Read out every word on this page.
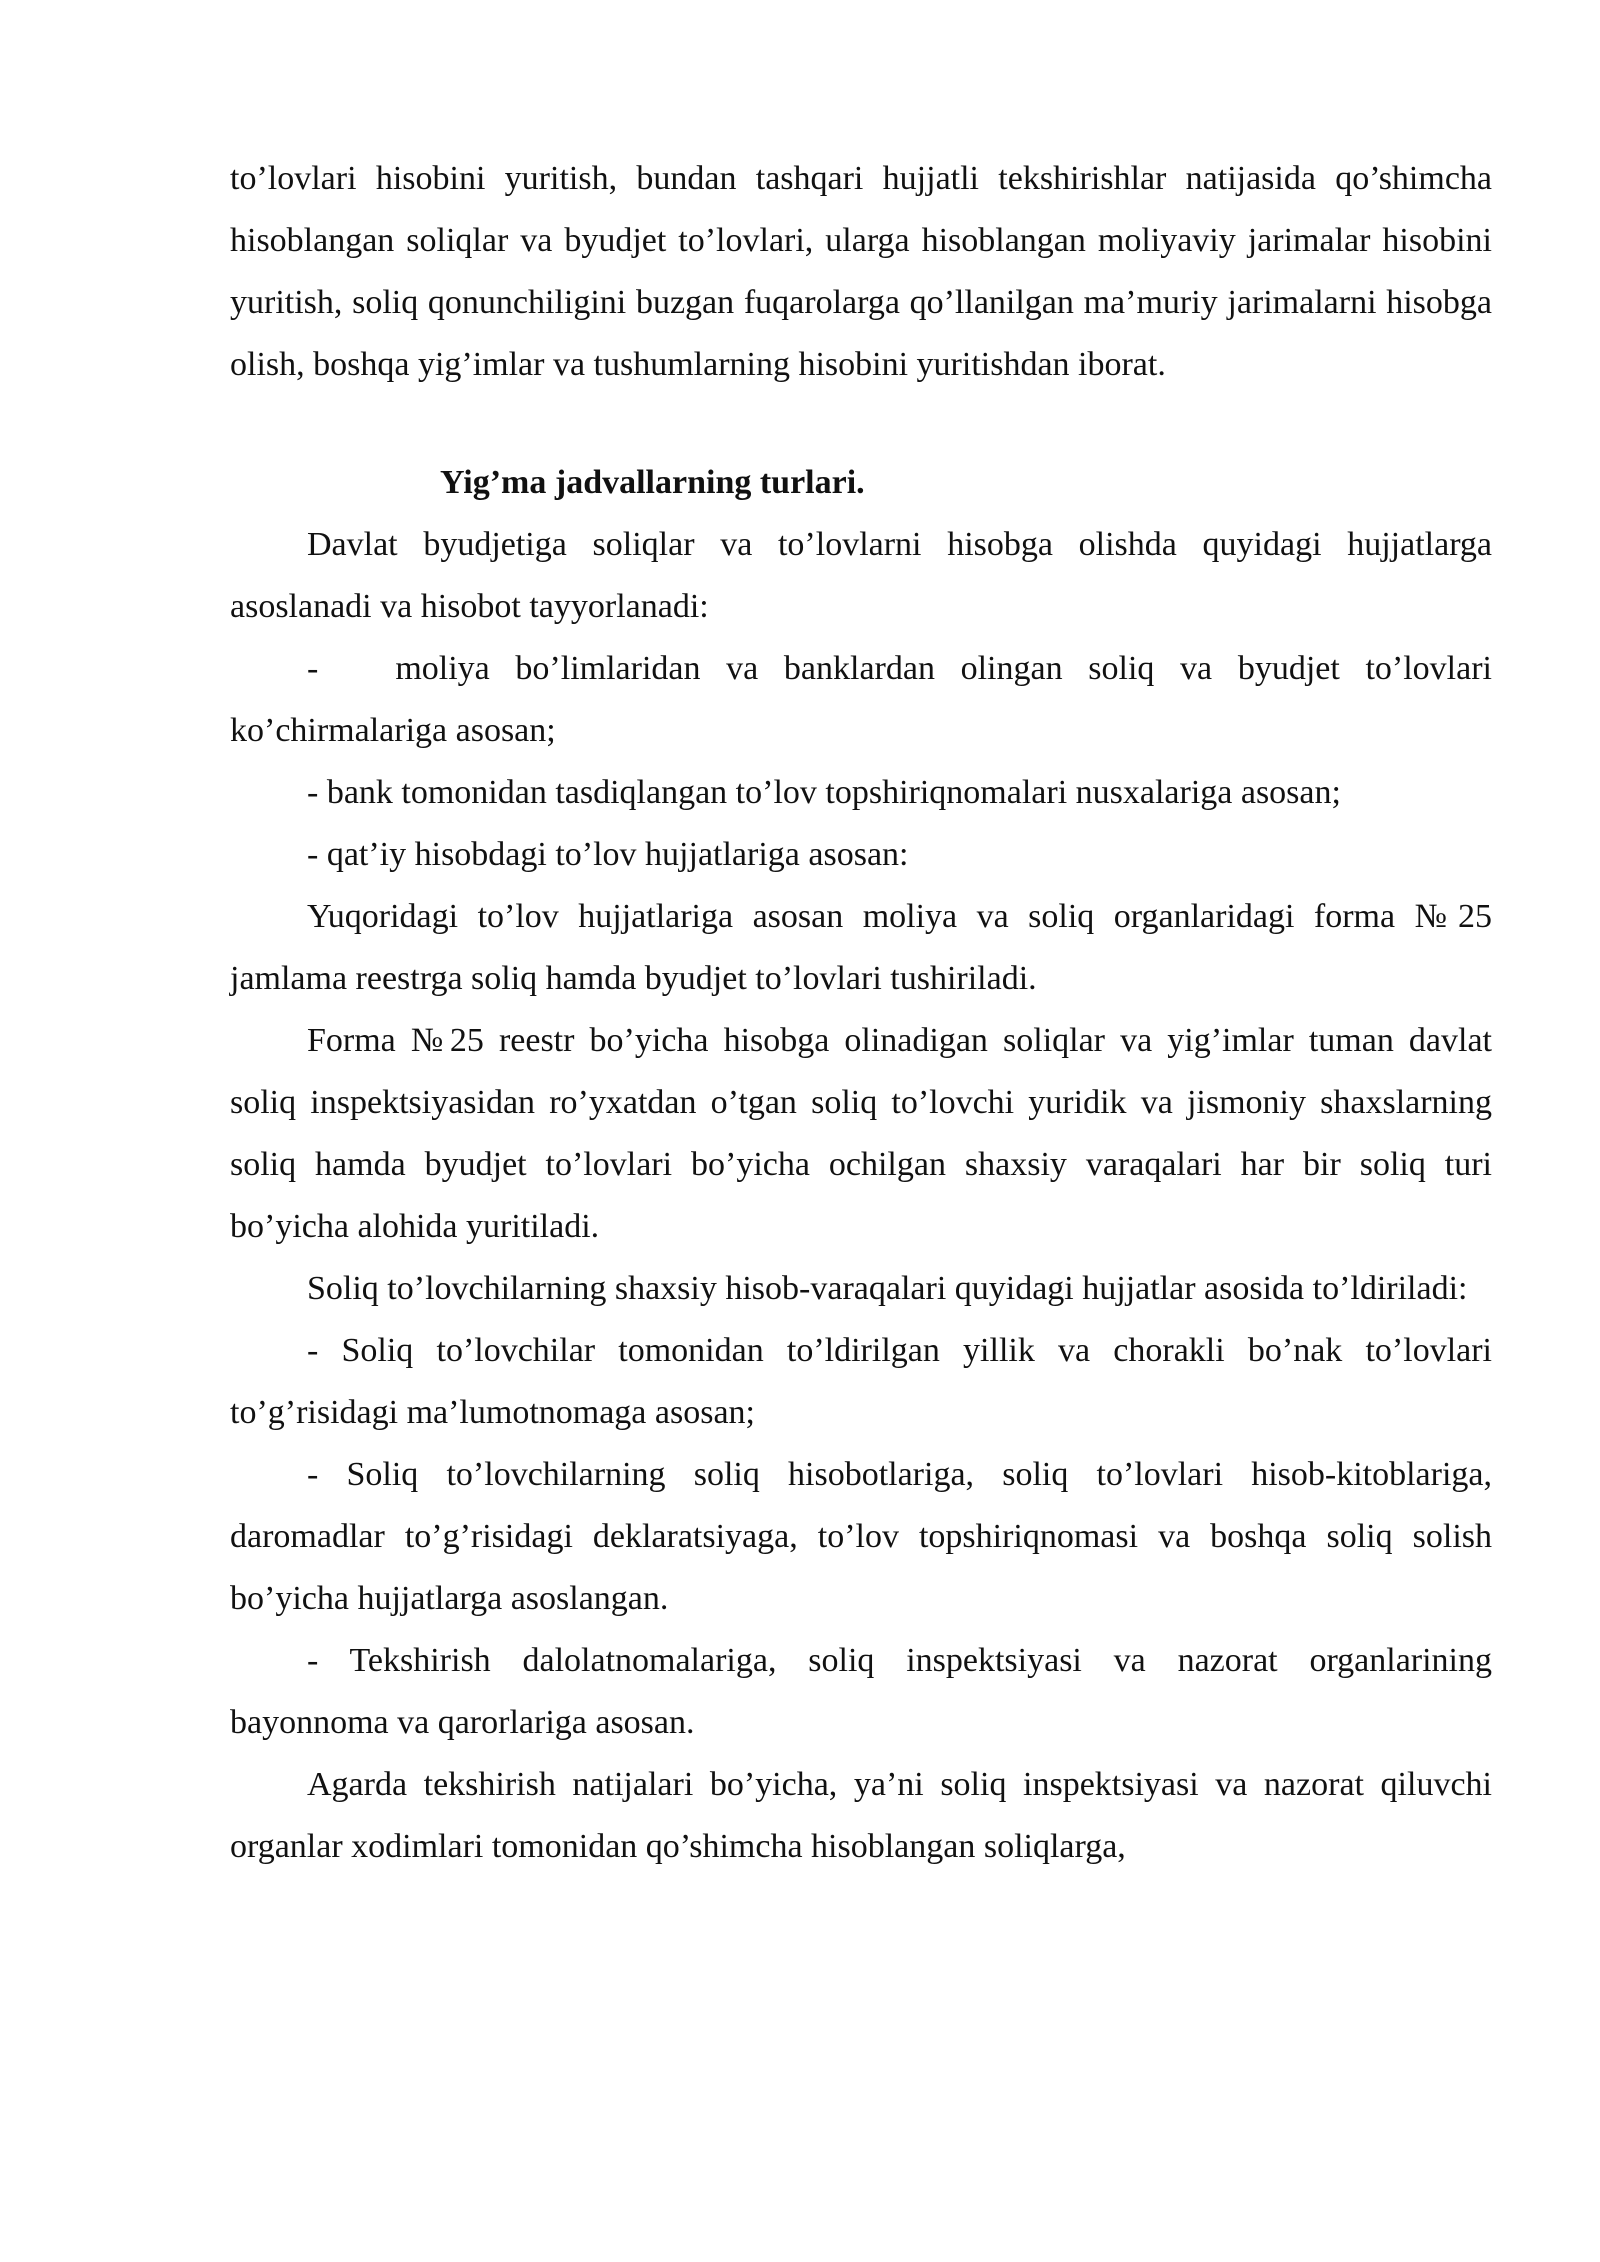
to’lovlari hisobini yuritish, bundan tashqari hujjatli tekshirishlar natijasida qo’shimcha hisoblangan soliqlar va byudjet to’lovlari, ularga hisoblangan moliyaviy jarimalar hisobini yuritish, soliq qonunchiligini buzgan fuqarolarga qo’llanilgan ma’muriy jarimalarni hisobga olish, boshqa yig’imlar va tushumlarning hisobini yuritishdan iborat.

Yig’ma jadvallarning turlari.

Davlat byudjetiga soliqlar va to’lovlarni hisobga olishda quyidagi hujjatlarga asoslanadi va hisobot tayyorlanadi:

-   moliya bo’limlaridan va banklardan olingan soliq va byudjet to’lovlari ko’chirmalariga asosan;

- bank tomonidan tasdiqlangan to’lov topshiriqnomalari nusxalariga asosan;

- qat’iy hisobdagi to’lov hujjatlariga asosan:

Yuqoridagi to’lov hujjatlariga asosan moliya va soliq organlaridagi forma №25 jamlama reestrga soliq hamda byudjet to’lovlari tushiriladi.

Forma №25 reestr bo’yicha hisobga olinadigan soliqlar va yig’imlar tuman davlat soliq inspektsiyasidan ro’yxatdan o’tgan soliq to’lovchi yuridik va jismoniy shaxslarning soliq hamda byudjet to’lovlari bo’yicha ochilgan shaxsiy varaqalari har bir soliq turi bo’yicha alohida yuritiladi.

Soliq to’lovchilarning shaxsiy hisob-varaqalari quyidagi hujjatlar asosida to’ldiriladi:

- Soliq to’lovchilar tomonidan to’ldirilgan yillik va chorakli bo’nak to’lovlari to’g’risidagi ma’lumotnomaga asosan;

- Soliq to’lovchilarning soliq hisobotlariga, soliq to’lovlari hisob-kitoblariga, daromadlar to’g’risidagi deklaratsiyaga, to’lov topshiriqnomasi va boshqa soliq solish bo’yicha hujjatlarga asoslangan.

- Tekshirish dalolatnomalariga, soliq inspektsiyasi va nazorat organlarining bayonnoma va qarorlariga asosan.

Agarda tekshirish natijalari bo’yicha, ya’ni soliq inspektsiyasi va nazorat qiluvchi organlar xodimlari tomonidan qo’shimcha hisoblangan soliqlarga,
